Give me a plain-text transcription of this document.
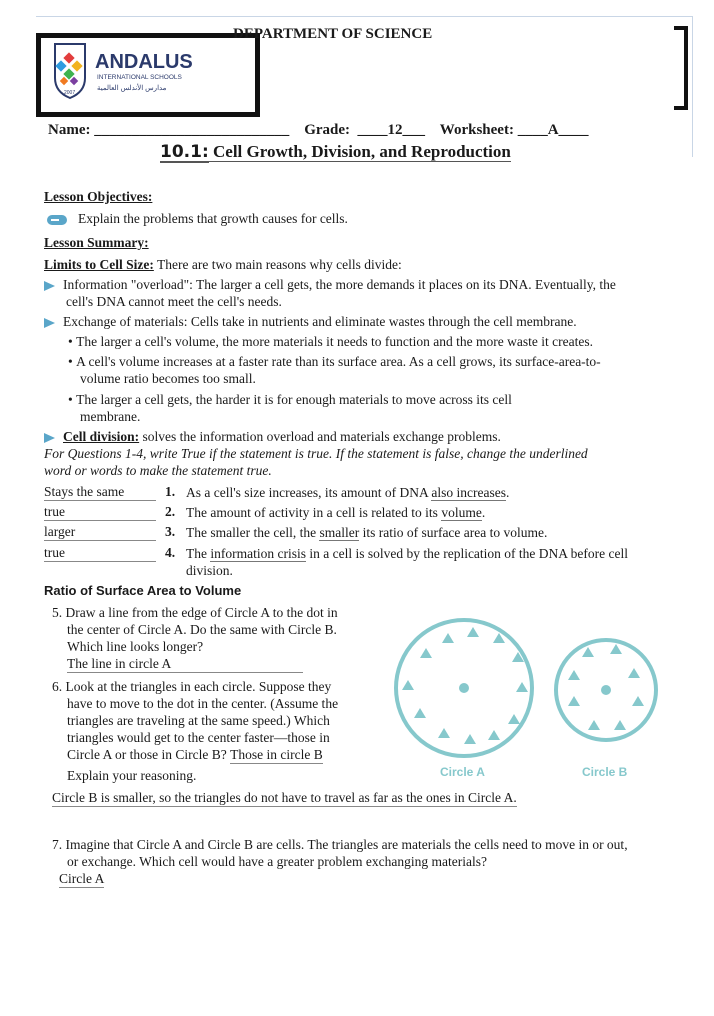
2007
ANDALUS
INTERNATIONAL SCHOOLS
مدارس الأندلس العالمية
DEPARTMENT OF SCIENCE
Name: __________________________    Grade:  ____12___    Worksheet: ____A____
10.1: Cell Growth, Division, and Reproduction
Lesson Objectives:
Explain the problems that growth causes for cells.
Lesson Summary:
Limits to Cell Size: There are two main reasons why cells divide:
Information "overload": The larger a cell gets, the more demands it places on its DNA. Eventually, the
cell's DNA cannot meet the cell's needs.
Exchange of materials: Cells take in nutrients and eliminate wastes through the cell membrane.
• The larger a cell's volume, the more materials it needs to function and the more waste it creates.
• A cell's volume increases at a faster rate than its surface area. As a cell grows, its surface-area-to-
volume ratio becomes too small.
• The larger a cell gets, the harder it is for enough materials to move across its cell
membrane.
Cell division: solves the information overload and materials exchange problems.
For Questions 1-4, write True if the statement is true. If the statement is false, change the underlined
word or words to make the statement true.
Stays the same	1. As a cell's size increases, its amount of DNA also increases.
true	2. The amount of activity in a cell is related to its volume.
larger	3. The smaller the cell, the smaller its ratio of surface area to volume.
true	4. The information crisis in a cell is solved by the replication of the DNA before cell
division.
Ratio of Surface Area to Volume
5. Draw a line from the edge of Circle A to the dot in
the center of Circle A. Do the same with Circle B.
Which line looks longer?
The line in circle A
6. Look at the triangles in each circle. Suppose they
have to move to the dot in the center. (Assume the
triangles are traveling at the same speed.) Which
triangles would get to the center faster—those in
Circle A or those in Circle B? Those in circle B
Explain your reasoning.
Circle B is smaller, so the triangles do not have to travel as far as the ones in Circle A.
Circle A	Circle B
7. Imagine that Circle A and Circle B are cells. The triangles are materials the cells need to move in or out,
or exchange. Which cell would have a greater problem exchanging materials?
Circle A
